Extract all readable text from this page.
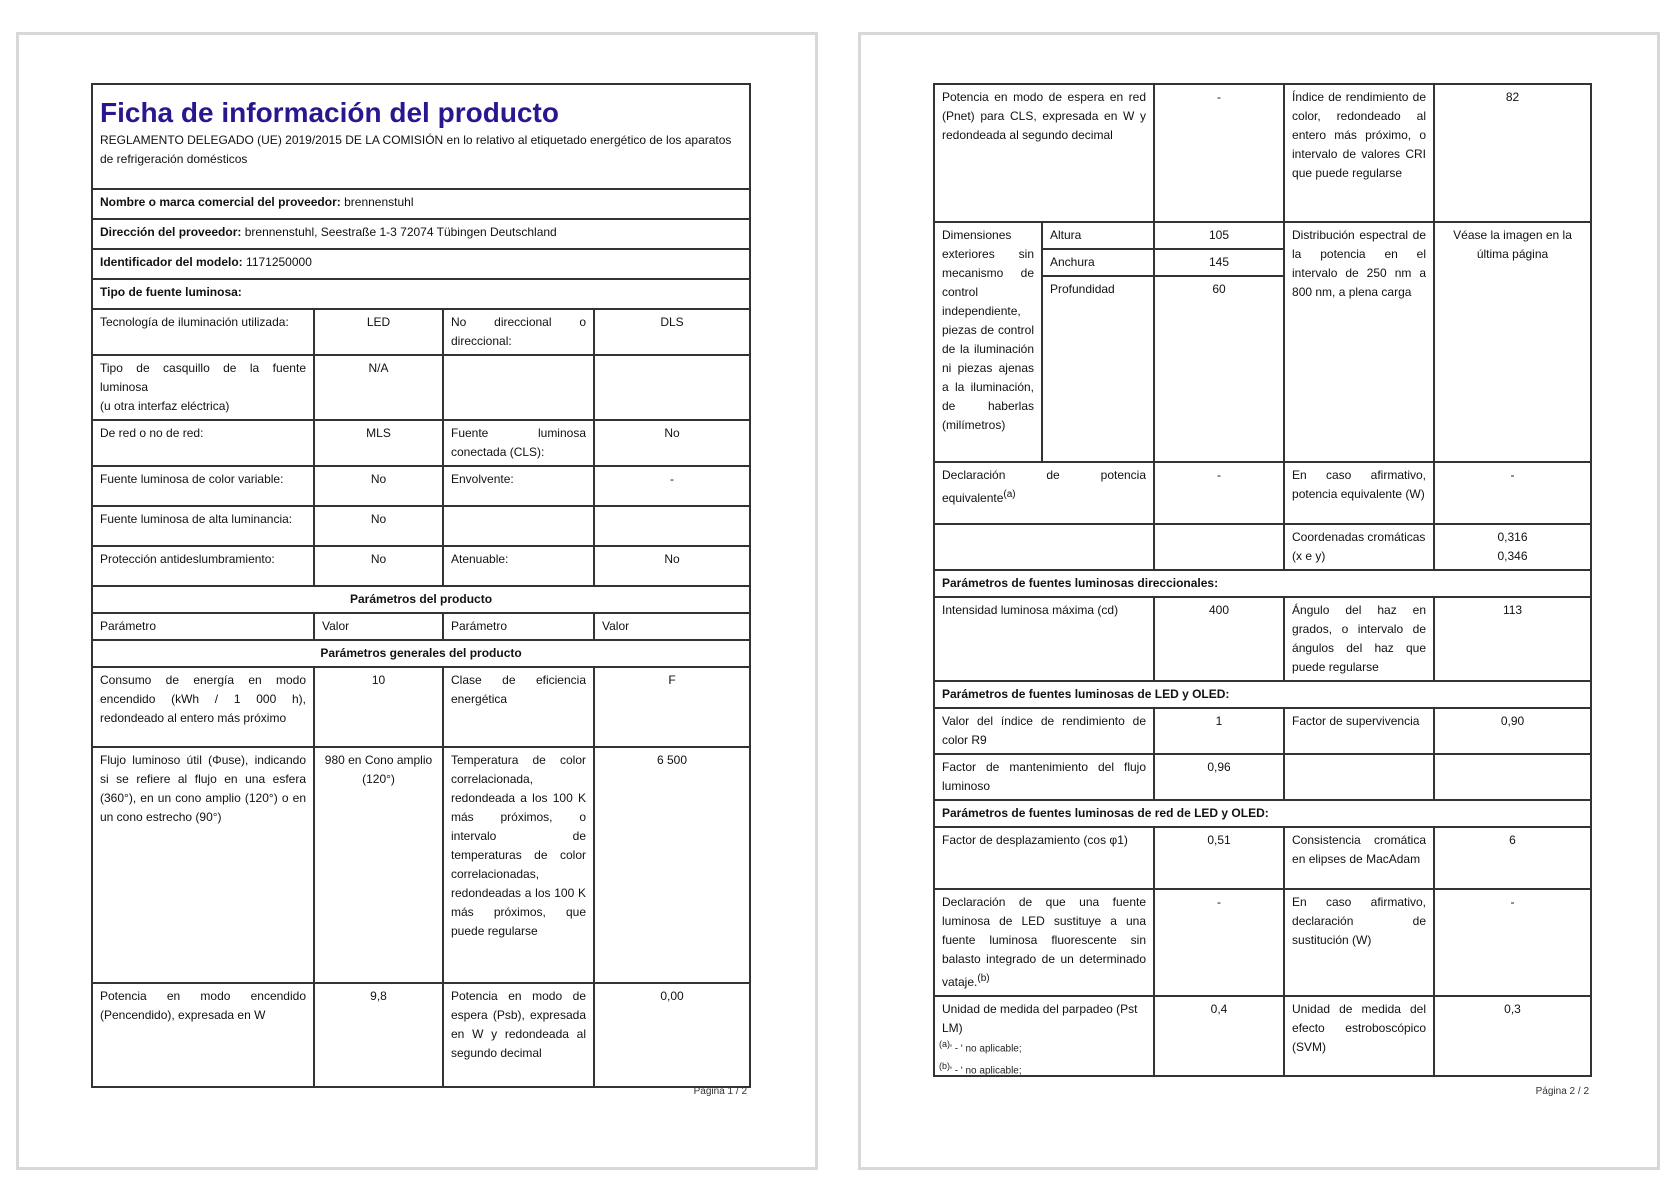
Ficha de información del producto
REGLAMENTO DELEGADO (UE) 2019/2015 DE LA COMISIÓN en lo relativo al etiquetado energético de los aparatos de refrigeración domésticos			

Nombre o marca comercial del proveedor: brennenstuhl			
Dirección del proveedor: brennenstuhl, Seestraße 1-3 72074 Tübingen Deutschland			
Identificador del modelo: 1171250000			
Tipo de fuente luminosa:			
Tecnología de iluminación utilizada:	LED	No direccional o direccional:	DLS

Tipo de casquillo de la fuente luminosa
(u otra interfaz eléctrica)	N/A		
De red o no de red:	MLS	Fuente luminosa conectada (CLS):	No
Fuente luminosa de color variable:	No	Envolvente:	-
Fuente luminosa de alta luminancia:	No		
Protección antideslumbramiento:	No	Atenuable:	No
Parámetros del producto			
Parámetro	Valor	Parámetro	Valor
Parámetros generales del producto			
Consumo de energía en modo encendido (kWh / 1 000 h), redondeado al entero más próximo	10	Clase de eficiencia energética	F
Flujo luminoso útil (Φuse), indicando si se refiere al flujo en una esfera (360°), en un cono amplio (120°) o en un cono estrecho (90°)	980 en Cono amplio (120°)	Temperatura de color correlacionada, redondeada a los 100 K más próximos, o intervalo de temperaturas de color correlacionadas, redondeadas a los 100 K más próximos, que puede regularse	6 500
Potencia en modo encendido (Pencendido), expresada en W	9,8	Potencia en modo de espera (Psb), expresada en W y redondeada al segundo decimal	0,00
Página 1 / 2
Potencia en modo de espera en red (Pnet) para CLS, expresada en W y redondeada al segundo decimal		-	Índice de rendimiento de color, redondeado al entero más próximo, o intervalo de valores CRI que puede regularse	82
Dimensiones exteriores sin mecanismo de control independiente, piezas de control de la iluminación ni piezas ajenas a la iluminación, de haberlas (milímetros)	Altura	105	Distribución espectral de la potencia en el intervalo de 250 nm a 800 nm, a plena carga	Véase la imagen en la última página
	Anchura	145		
	Profundidad	60		
Declaración de potencia equivalente$^{(a)}$		-	En caso afirmativo, potencia equivalente (W)	-
			Coordenadas cromáticas (x e y)	0,316
0,346
Parámetros de fuentes luminosas direccionales:				
Intensidad luminosa máxima (cd)		400	Ángulo del haz en grados, o intervalo de ángulos del haz que puede regularse	113
Parámetros de fuentes luminosas de LED y OLED:				
Valor del índice de rendimiento de color R9		1	Factor de supervivencia	0,90
Factor de mantenimiento del flujo luminoso		0,96		
Parámetros de fuentes luminosas de red de LED y OLED:				
Factor de desplazamiento (cos φ1)		0,51	Consistencia cromática en elipses de MacAdam	6
Declaración de que una fuente luminosa de LED sustituye a una fuente luminosa fluorescente sin balasto integrado de un determinado vataje.$^{(b)}$		-	En caso afirmativo, declaración de sustitución (W)	-
Unidad de medida del parpadeo (Pst LM)		0,4	Unidad de medida del efecto estroboscópico (SVM)	0,3
$^{(a)}$' - ' no aplicable;
$^{(b)}$' - ' no aplicable;
Página 2 / 2
